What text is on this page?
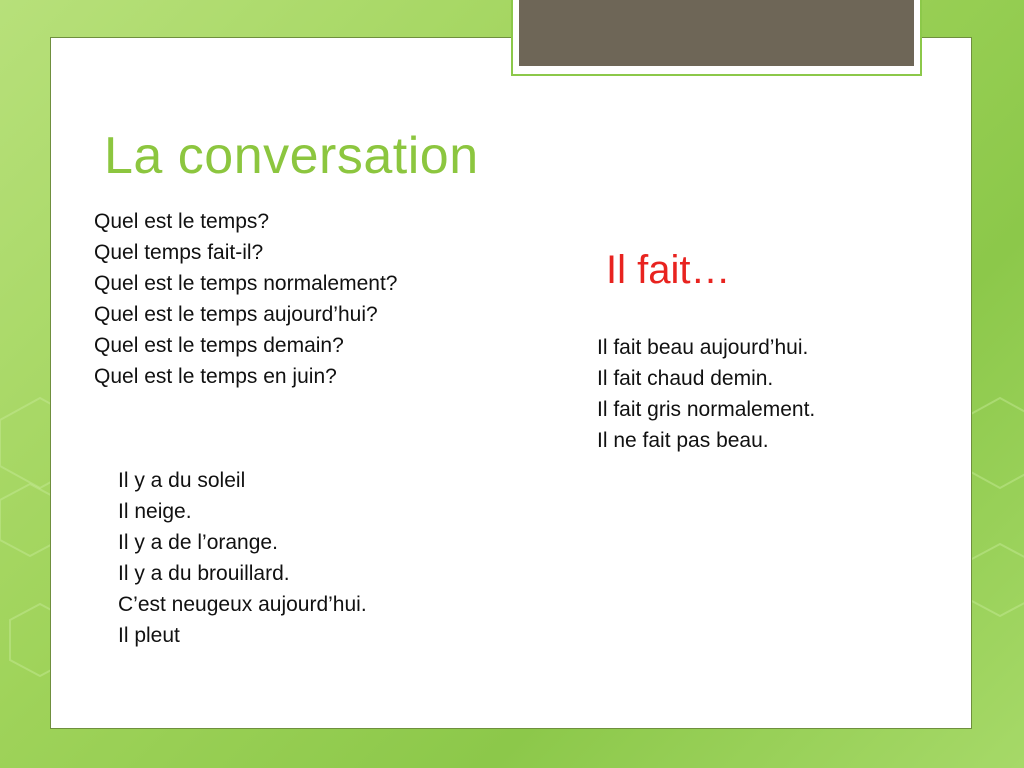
La conversation
Quel est le temps?
Quel temps fait-il?
Quel est le temps normalement?
Quel est le temps aujourd’hui?
Quel est le temps demain?
Quel est le temps en juin?
Il fait…
Il fait beau aujourd’hui.
Il fait chaud demin.
Il fait gris normalement.
Il ne fait pas beau.
Il y a du soleil
Il neige.
Il y a de l’orange.
Il y a du brouillard.
C’est neugeux aujourd’hui.
Il pleut
